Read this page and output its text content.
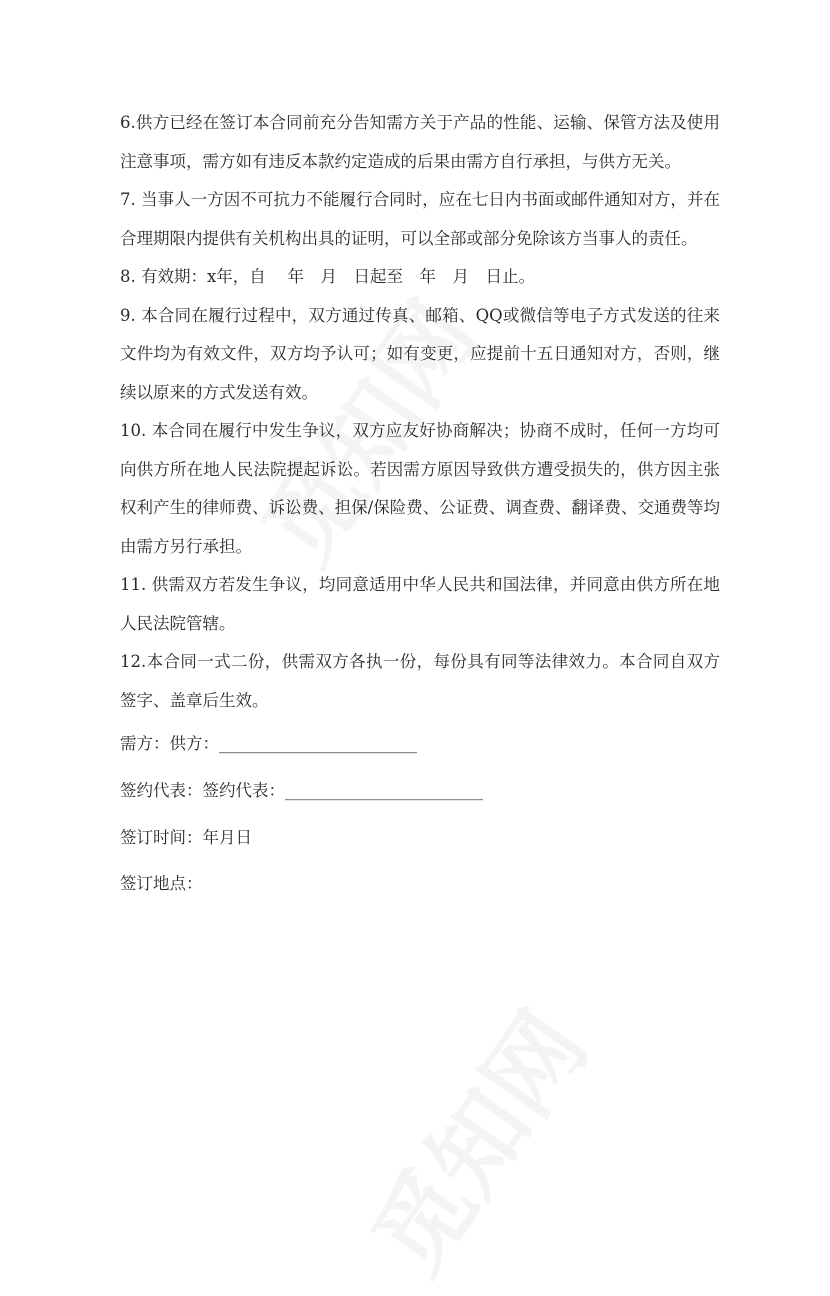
6.供方已经在签订本合同前充分告知需方关于产品的性能、运输、保管方法及使用注意事项，需方如有违反本款约定造成的后果由需方自行承担，与供方无关。

7. 当事人一方因不可抗力不能履行合同时，应在七日内书面或邮件通知对方，并在合理期限内提供有关机构出具的证明，可以全部或部分免除该方当事人的责任。

8. 有效期：x年，自　 年　月　日起至　年　月　日止。

9. 本合同在履行过程中，双方通过传真、邮箱、QQ或微信等电子方式发送的往来文件均为有效文件，双方均予认可；如有变更，应提前十五日通知对方，否则，继续以原来的方式发送有效。

10. 本合同在履行中发生争议，双方应友好协商解决；协商不成时，任何一方均可向供方所在地人民法院提起诉讼。若因需方原因导致供方遭受损失的，供方因主张权利产生的律师费、诉讼费、担保/保险费、公证费、调查费、翻译费、交通费等均由需方另行承担。

11. 供需双方若发生争议，均同意适用中华人民共和国法律，并同意由供方所在地人民法院管辖。

12.本合同一式二份，供需双方各执一份，每份具有同等法律效力。本合同自双方签字、盖章后生效。

需方：供方：________________________

签约代表：签约代表：________________________

签订时间：年月日

签订地点：
